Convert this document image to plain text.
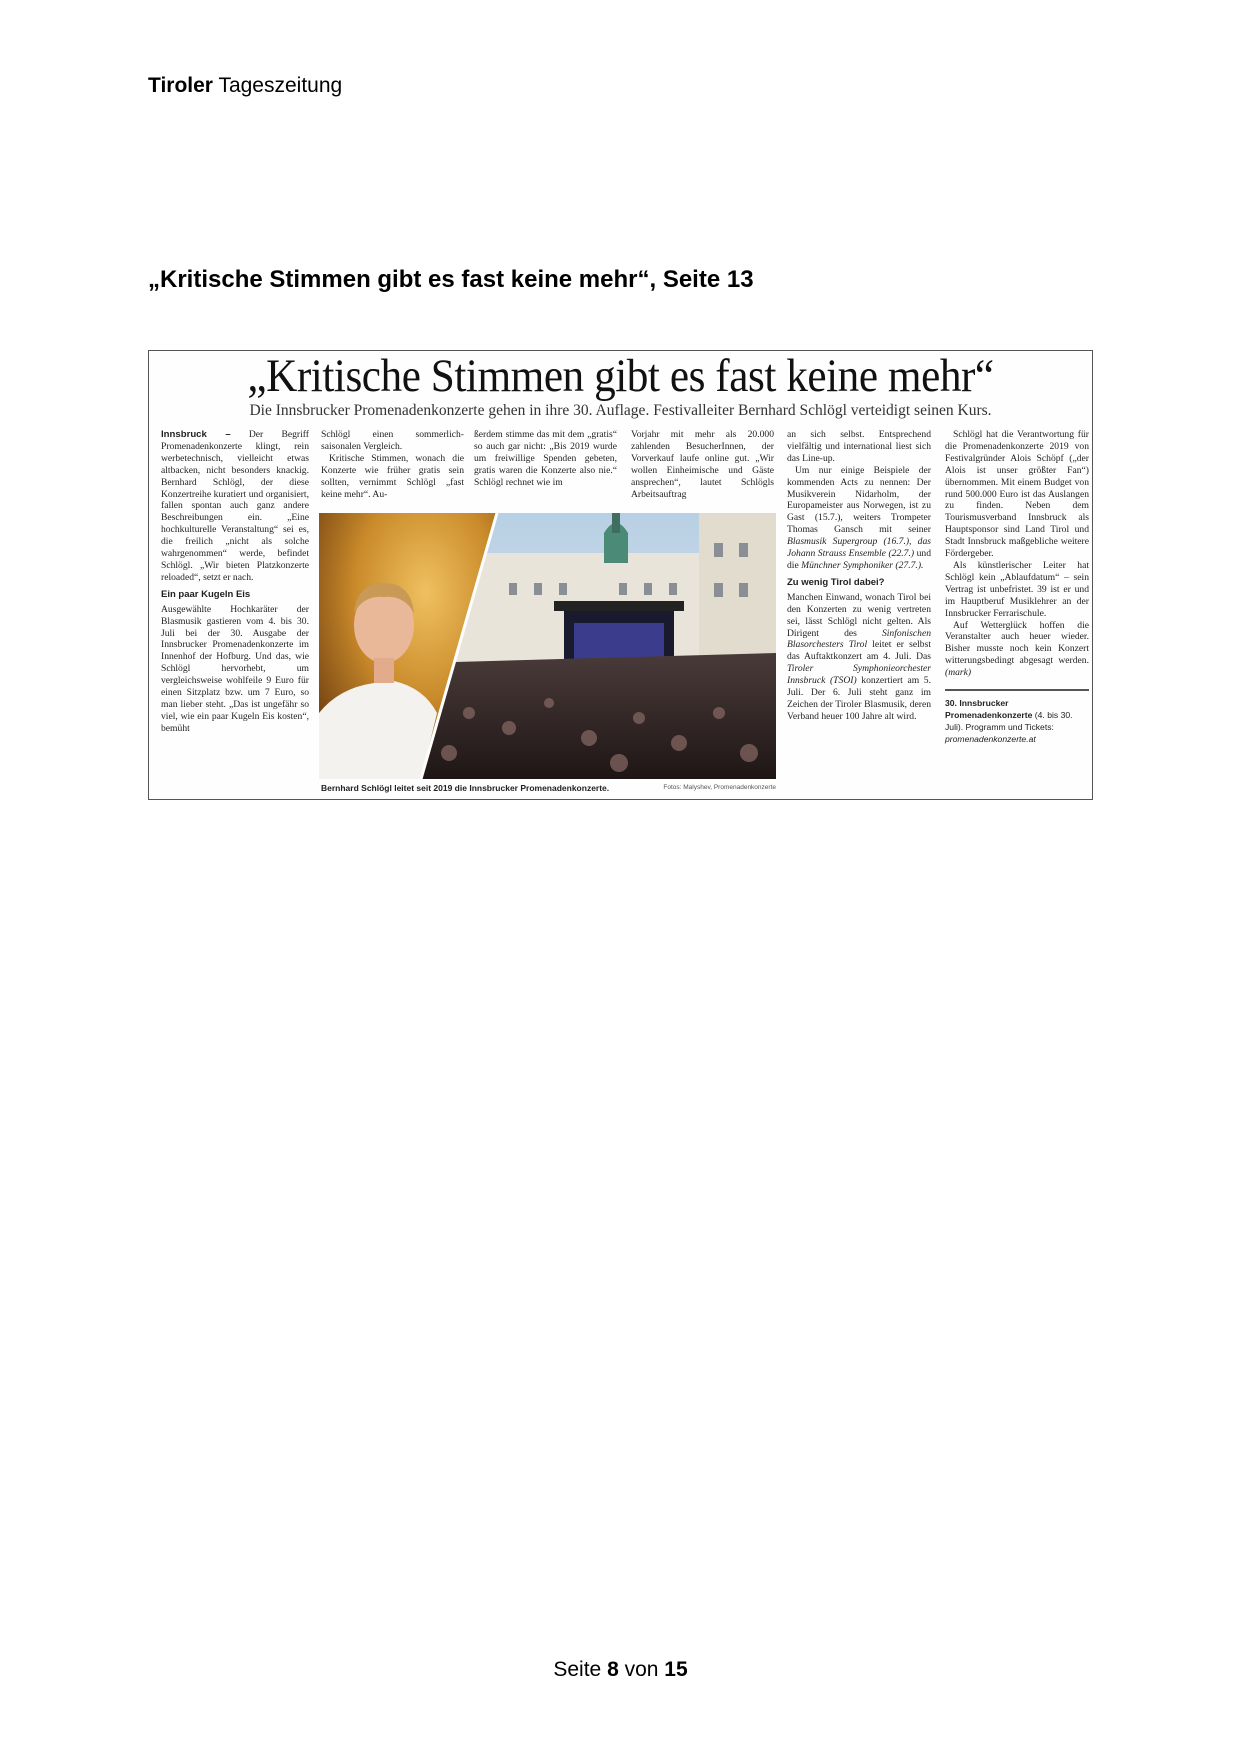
Tiroler Tageszeitung
„Kritische Stimmen gibt es fast keine mehr“, Seite 13
„Kritische Stimmen gibt es fast keine mehr“
Die Innsbrucker Promenadenkonzerte gehen in ihre 30. Auflage. Festivalleiter Bernhard Schlögl verteidigt seinen Kurs.

Innsbruck – Der Begriff Promenadenkonzerte klingt, rein werbetechnisch, vielleicht etwas altbacken, nicht besonders knackig. Bernhard Schlögl, der diese Konzertreihe kuratiert und organisiert, fallen spontan auch ganz andere Beschreibungen ein. „Eine hochkulturelle Veranstaltung“ sei es, die freilich „nicht als solche wahrgenommen“ werde, befindet Schlögl. „Wir bieten Platzkonzerte reloaded“, setzt er nach.

Ein paar Kugeln Eis

Ausgewählte Hochkaräter der Blasmusik gastieren vom 4. bis 30. Juli bei der 30. Ausgabe der Innsbrucker Promenadenkonzerte im Innenhof der Hofburg. Und das, wie Schlögl hervorhebt, um vergleichsweise wohlfeile 9 Euro für einen Sitzplatz bzw. um 7 Euro, so man lieber steht. „Das ist ungefähr so viel, wie ein paar Kugeln Eis kosten“, bemüht

Schlögl einen sommerlich-saisonalen Vergleich.

Kritische Stimmen, wonach die Konzerte wie früher gratis sein sollten, vernimmt Schlögl „fast keine mehr“. Au-

ßerdem stimme das mit dem „gratis“ so auch gar nicht: „Bis 2019 wurde um freiwillige Spenden gebeten, gratis waren die Konzerte also nie.“ Schlögl rechnet wie im

Vorjahr mit mehr als 20.000 zahlenden BesucherInnen, der Vorverkauf laufe online gut. „Wir wollen Einheimische und Gäste ansprechen“, lautet Schlögls Arbeitsauftrag

an sich selbst. Entsprechend vielfältig und international liest sich das Line-up.

Um nur einige Beispiele der kommenden Acts zu nennen: Der Musikverein Nidarholm, der Europameister aus Norwegen, ist zu Gast (15.7.), weiters Trompeter Thomas Gansch mit seiner Blasmusik Supergroup (16.7.), das Johann Strauss Ensemble (22.7.) und die Münchner Symphoniker (27.7.).

Zu wenig Tirol dabei?

Manchen Einwand, wonach Tirol bei den Konzerten zu wenig vertreten sei, lässt Schlögl nicht gelten. Als Dirigent des Sinfonischen Blasorchesters Tirol leitet er selbst das Auftaktkonzert am 4. Juli. Das Tiroler Symphonieorchester Innsbruck (TSOI) konzertiert am 5. Juli. Der 6. Juli steht ganz im Zeichen der Tiroler Blasmusik, deren Verband heuer 100 Jahre alt wird.

Schlögl hat die Verantwortung für die Promenadenkonzerte 2019 von Festivalgründer Alois Schöpf („der Alois ist unser größter Fan“) übernommen. Mit einem Budget von rund 500.000 Euro ist das Auslangen zu finden. Neben dem Tourismusverband Innsbruck als Hauptsponsor sind Land Tirol und Stadt Innsbruck maßgebliche weitere Fördergeber.

Als künstlerischer Leiter hat Schlögl kein „Ablaufdatum“ – sein Vertrag ist unbefristet. 39 ist er und im Hauptberuf Musiklehrer an der Innsbrucker Ferrarischule.

Auf Wetterglück hoffen die Veranstalter auch heuer wieder. Bisher musste noch kein Konzert witterungsbedingt abgesagt werden. (mark)

30. Innsbrucker Promenadenkonzerte (4. bis 30. Juli). Programm und Tickets: promenadenkonzerte.at
Bernhard Schlögl leitet seit 2019 die Innsbrucker Promenadenkonzerte.	Fotos: Malyshev, Promenadenkonzerte
Seite 8 von 15
